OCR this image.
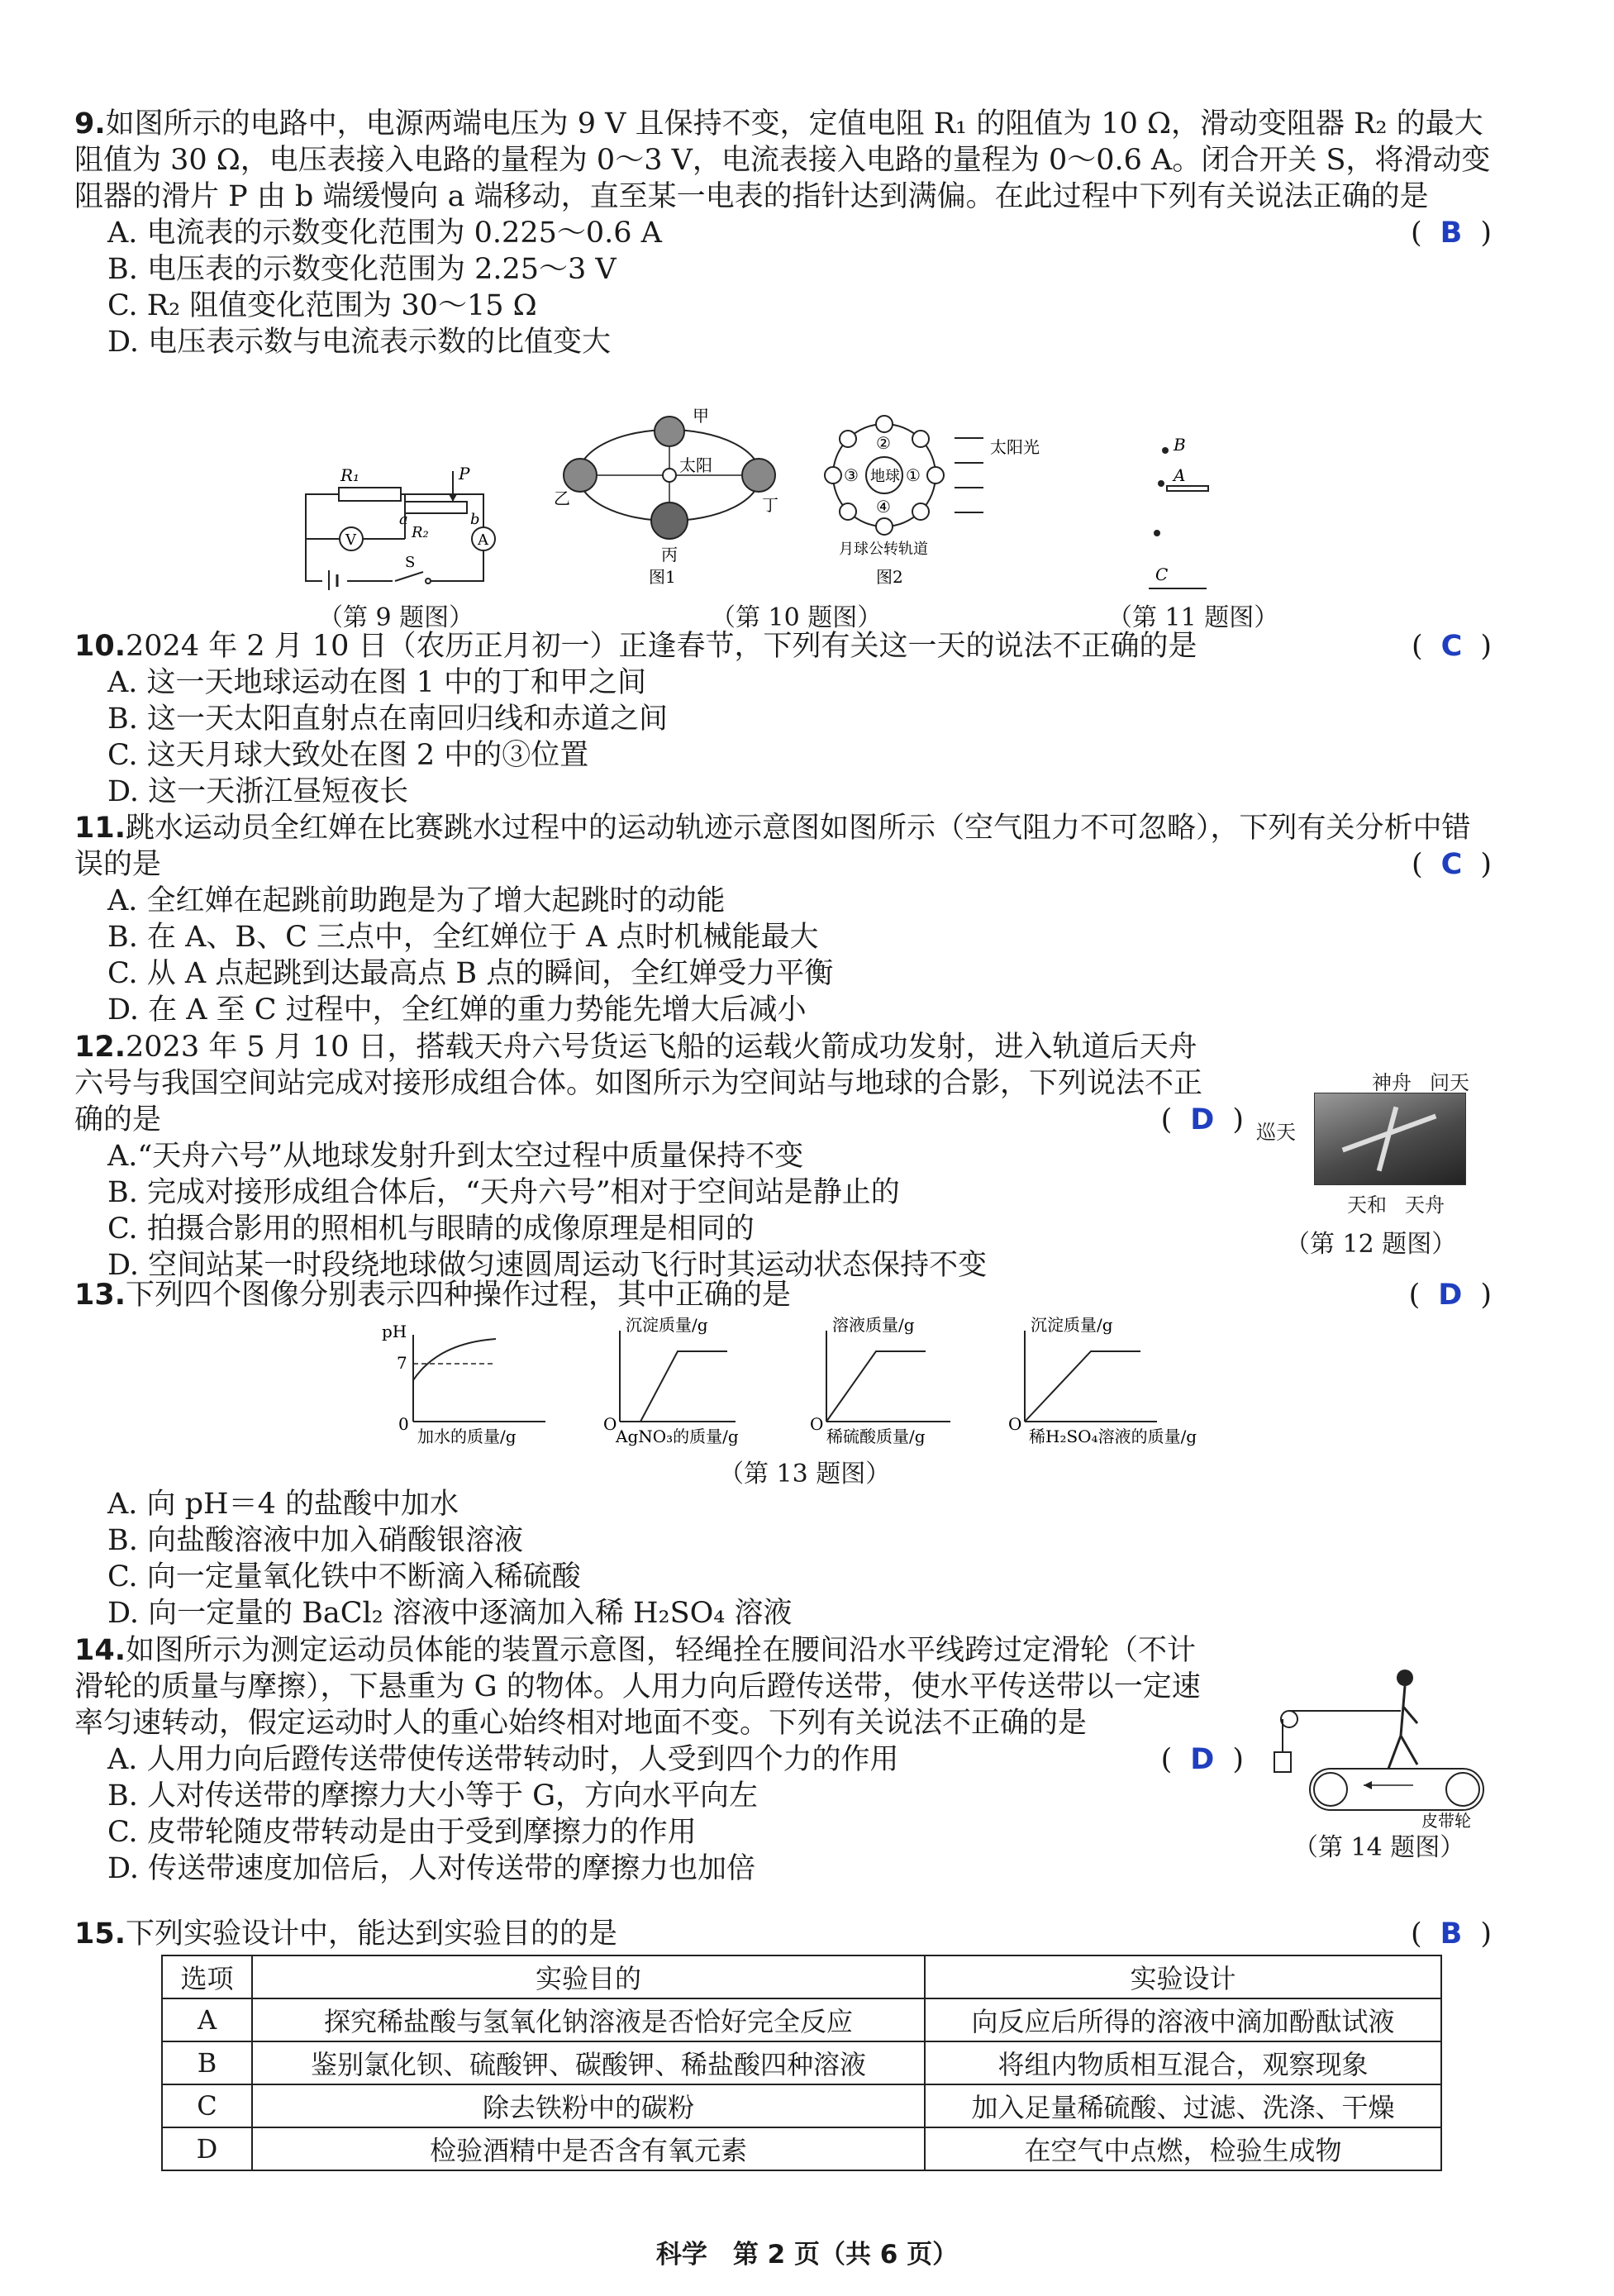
9.如图所示的电路中，电源两端电压为 9 V 且保持不变，定值电阻 R₁ 的阻值为 10 Ω，滑动变阻器 R₂ 的最大阻值为 30 Ω，电压表接入电路的量程为 0～3 V，电流表接入电路的量程为 0～0.6 A。闭合开关 S，将滑动变阻器的滑片 P 由 b 端缓慢向 a 端移动，直至某一电表的指针达到满偏。在此过程中下列有关说法正确的是
( B )
A. 电流表的示数变化范围为 0.225～0.6 A
B. 电压表的示数变化范围为 2.25～3 V
C. R₂ 阻值变化范围为 30～15 Ω
D. 电压表示数与电流表示数的比值变大
R₁
R₂
P
a	b
V	A
S
（第 9 题图）
太阳
甲
乙
丙
丁
图1
地球
②
①
③
④
太阳光
月球公转轨道
图2
（第 10 题图）
B
A
C
（第 11 题图）
10.2024 年 2 月 10 日（农历正月初一）正逢春节，下列有关这一天的说法不正确的是	( C )
A. 这一天地球运动在图 1 中的丁和甲之间
B. 这一天太阳直射点在南回归线和赤道之间
C. 这天月球大致处在图 2 中的③位置
D. 这一天浙江昼短夜长
11.跳水运动员全红婵在比赛跳水过程中的运动轨迹示意图如图所示（空气阻力不可忽略），下列有关分析中错误的是	( C )
A. 全红婵在起跳前助跑是为了增大起跳时的动能
B. 在 A、B、C 三点中，全红婵位于 A 点时机械能最大
C. 从 A 点起跳到达最高点 B 点的瞬间，全红婵受力平衡
D. 在 A 至 C 过程中，全红婵的重力势能先增大后减小
12.2023 年 5 月 10 日，搭载天舟六号货运飞船的运载火箭成功发射，进入轨道后天舟六号与我国空间站完成对接形成组合体。如图所示为空间站与地球的合影，下列说法不正确的是	( D )
A.“天舟六号”从地球发射升到太空过程中质量保持不变
B. 完成对接形成组合体后，“天舟六号”相对于空间站是静止的
C. 拍摄合影用的照相机与眼睛的成像原理是相同的
D. 空间站某一时段绕地球做匀速圆周运动飞行时其运动状态保持不变
神舟 问天
巡天
天和 天舟
（第 12 题图）
13.下列四个图像分别表示四种操作过程，其中正确的是	( D )
pH
7
0
加水的质量/g
沉淀质量/g
O
AgNO₃的质量/g
溶液质量/g
O
稀硫酸质量/g
沉淀质量/g
O
稀H₂SO₄溶液的质量/g
（第 13 题图）
A. 向 pH＝4 的盐酸中加水
B. 向盐酸溶液中加入硝酸银溶液
C. 向一定量氧化铁中不断滴入稀硫酸
D. 向一定量的 BaCl₂ 溶液中逐滴加入稀 H₂SO₄ 溶液
14.如图所示为测定运动员体能的装置示意图，轻绳拴在腰间沿水平线跨过定滑轮（不计滑轮的质量与摩擦），下悬重为 G 的物体。人用力向后蹬传送带，使水平传送带以一定速率匀速转动，假定运动时人的重心始终相对地面不变。下列有关说法不正确的是
( D )
A. 人用力向后蹬传送带使传送带转动时，人受到四个力的作用
B. 人对传送带的摩擦力大小等于 G，方向水平向左
C. 皮带轮随皮带转动是由于受到摩擦力的作用
D. 传送带速度加倍后，人对传送带的摩擦力也加倍
皮带轮
（第 14 题图）
15.下列实验设计中，能达到实验目的的是	( B )
选项	实验目的	实验设计
A	探究稀盐酸与氢氧化钠溶液是否恰好完全反应	向反应后所得的溶液中滴加酚酞试液
B	鉴别氯化钡、硫酸钾、碳酸钾、稀盐酸四种溶液	将组内物质相互混合，观察现象
C	除去铁粉中的碳粉	加入足量稀硫酸、过滤、洗涤、干燥
D	检验酒精中是否含有氧元素	在空气中点燃，检验生成物
科学　第 2 页（共 6 页）
